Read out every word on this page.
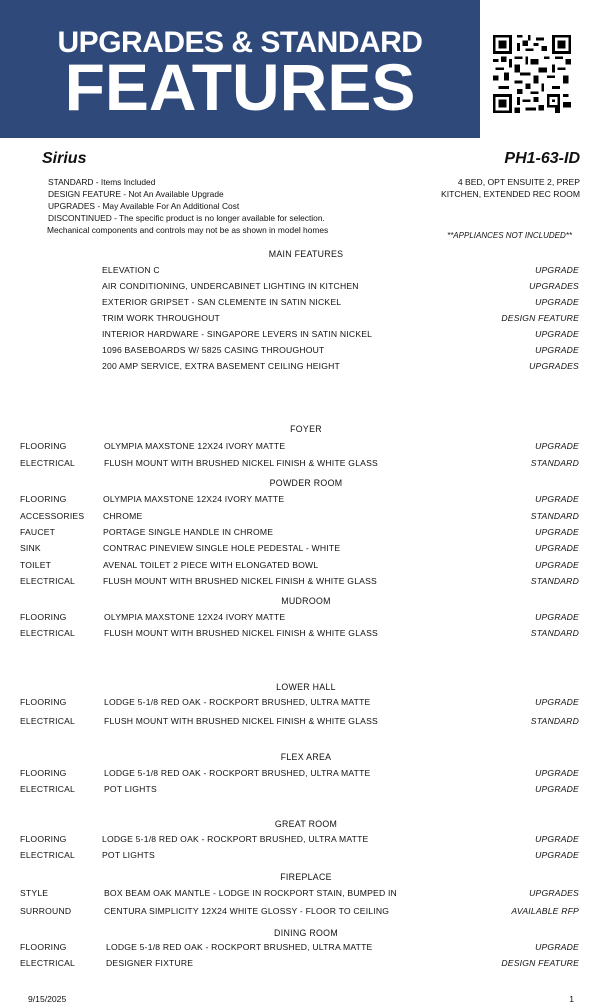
UPGRADES & STANDARD
FEATURES
Sirius	PH1-63-ID
STANDARD - Items Included
DESIGN FEATURE - Not An Available Upgrade
UPGRADES - May Available For An Additional Cost
DISCONTINUED - The specific product is no longer available for selection.
Mechanical components and controls may not be as shown in model homes
4 BED, OPT ENSUITE 2, PREP
KITCHEN, EXTENDED REC ROOM
**APPLIANCES NOT INCLUDED**
MAIN FEATURES
ELEVATION C	UPGRADE
AIR CONDITIONING, UNDERCABINET LIGHTING IN KITCHEN	UPGRADES
EXTERIOR GRIPSET - SAN CLEMENTE IN SATIN NICKEL	UPGRADE
TRIM WORK THROUGHOUT	DESIGN FEATURE
INTERIOR HARDWARE - SINGAPORE LEVERS IN SATIN NICKEL	UPGRADE
1096 BASEBOARDS W/ 5825 CASING THROUGHOUT	UPGRADE
200 AMP SERVICE, EXTRA BASEMENT CEILING HEIGHT	UPGRADES
FOYER
FLOORING	OLYMPIA MAXSTONE 12X24 IVORY MATTE	UPGRADE
ELECTRICAL	FLUSH MOUNT WITH BRUSHED NICKEL FINISH & WHITE GLASS	STANDARD
POWDER ROOM
FLOORING	OLYMPIA MAXSTONE 12X24 IVORY MATTE	UPGRADE
ACCESSORIES CHROME	STANDARD
FAUCET	PORTAGE SINGLE HANDLE IN CHROME	UPGRADE
SINK	CONTRAC PINEVIEW SINGLE HOLE PEDESTAL - WHITE	UPGRADE
TOILET	AVENAL TOILET 2 PIECE WITH ELONGATED BOWL	UPGRADE
ELECTRICAL	FLUSH MOUNT WITH BRUSHED NICKEL FINISH & WHITE GLASS	STANDARD
MUDROOM
FLOORING	OLYMPIA MAXSTONE 12X24 IVORY MATTE	UPGRADE
ELECTRICAL	FLUSH MOUNT WITH BRUSHED NICKEL FINISH & WHITE GLASS	STANDARD
LOWER HALL
FLOORING	LODGE 5-1/8 RED OAK - ROCKPORT BRUSHED, ULTRA MATTE	UPGRADE
ELECTRICAL	FLUSH MOUNT WITH BRUSHED NICKEL FINISH & WHITE GLASS	STANDARD
FLEX AREA
FLOORING	LODGE 5-1/8 RED OAK - ROCKPORT BRUSHED, ULTRA MATTE	UPGRADE
ELECTRICAL	POT LIGHTS	UPGRADE
GREAT ROOM
FLOORING	LODGE 5-1/8 RED OAK - ROCKPORT BRUSHED, ULTRA MATTE	UPGRADE
ELECTRICAL	POT LIGHTS	UPGRADE
FIREPLACE
STYLE	BOX BEAM OAK MANTLE - LODGE IN ROCKPORT STAIN, BUMPED IN	UPGRADES
SURROUND	CENTURA SIMPLICITY 12X24 WHITE GLOSSY - FLOOR TO CEILING	AVAILABLE RFP
DINING ROOM
FLOORING	LODGE 5-1/8 RED OAK - ROCKPORT BRUSHED, ULTRA MATTE	UPGRADE
ELECTRICAL	DESIGNER FIXTURE	DESIGN FEATURE
9/15/2025	1
